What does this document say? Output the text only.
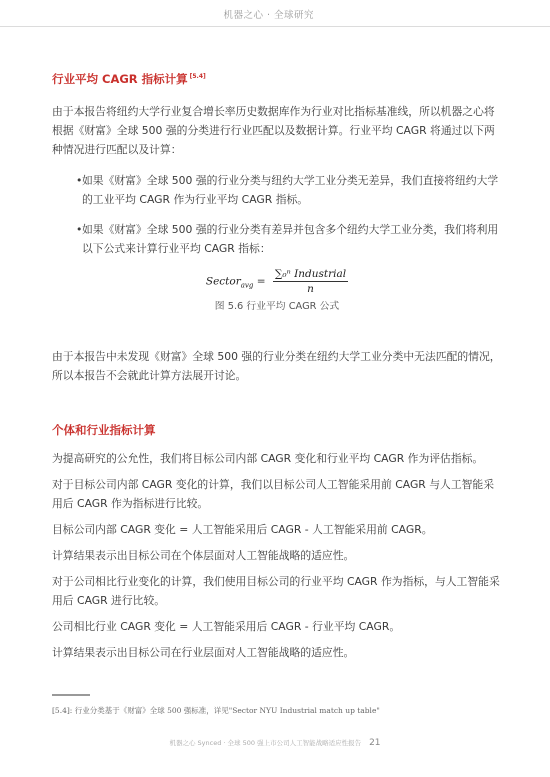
机器之心 · 全球研究
行业平均 CAGR 指标计算 [5.4]

由于本报告将纽约大学行业复合增长率历史数据库作为行业对比指标基准线，所以机器之心将根据《财富》全球 500 强的分类进行行业匹配以及数据计算。行业平均 CAGR 将通过以下两种情况进行匹配以及计算：

• 如果《财富》全球 500 强的行业分类与纽约大学工业分类无差异，我们直接将纽约大学的工业平均 CAGR 作为行业平均 CAGR 指标。

• 如果《财富》全球 500 强的行业分类有差异并包含多个纽约大学工业分类，我们将利用以下公式来计算行业平均 CAGR 指标：

Sector$_{avg}$ = $\frac{\text{∑₀ⁿ Industrial}}{n}$

图 5.6 行业平均 CAGR 公式

由于本报告中未发现《财富》全球 500 强的行业分类在纽约大学工业分类中无法匹配的情况，所以本报告不会就此计算方法展开讨论。

个体和行业指标计算

为提高研究的公允性，我们将目标公司内部 CAGR 变化和行业平均 CAGR 作为评估指标。

对于目标公司内部 CAGR 变化的计算，我们以目标公司人工智能采用前 CAGR 与人工智能采用后 CAGR 作为指标进行比较。

目标公司内部 CAGR 变化 = 人工智能采用后 CAGR - 人工智能采用前 CAGR。

计算结果表示出目标公司在个体层面对人工智能战略的适应性。

对于公司相比行业变化的计算，我们使用目标公司的行业平均 CAGR 作为指标，与人工智能采用后 CAGR 进行比较。

公司相比行业 CAGR 变化 = 人工智能采用后 CAGR - 行业平均 CAGR。

计算结果表示出目标公司在行业层面对人工智能战略的适应性。

[5.4]: 行业分类基于《财富》全球 500 强标准，详见"Sector NYU Industrial match up table"
机器之心 Synced · 全球 500 强上市公司人工智能战略适应性报告 21
